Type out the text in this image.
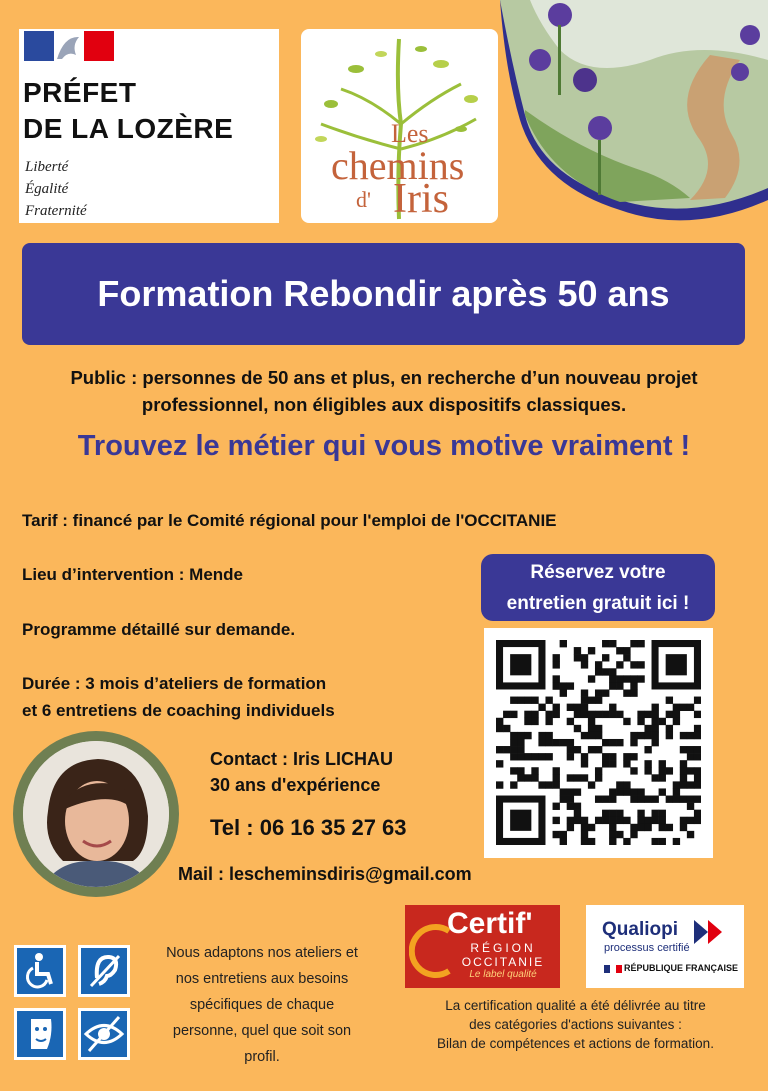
PRÉFET
DE LA LOZÈRE
Liberté
Égalité
Fraternité
Les
chemins
d' Iris
Formation Rebondir après 50 ans
Public : personnes de 50 ans et plus, en recherche d’un nouveau projet
professionnel, non éligibles aux dispositifs classiques.
Trouvez le métier qui vous motive vraiment !
Tarif : financé par le Comité régional pour l'emploi de l'OCCITANIE
Lieu d’intervention : Mende
Programme détaillé sur demande.
Durée : 3 mois d’ateliers de formation
et 6 entretiens de coaching individuels
Réservez votre
entretien gratuit ici !
Contact : Iris LICHAU
30 ans d'expérience
Tel : 06 16 35 27 63
Mail : lescheminsdiris@gmail.com
Nous adaptons nos ateliers et
nos entretiens aux besoins
spécifiques de chaque
personne, quel que soit son
profil.
Certif'
RÉGION
OCCITANIE
Le label qualité
Qualiopi
processus certifié
RÉPUBLIQUE FRANÇAISE
La certification qualité a été délivrée au titre
des catégories d'actions suivantes :
Bilan de compétences et actions de formation.
